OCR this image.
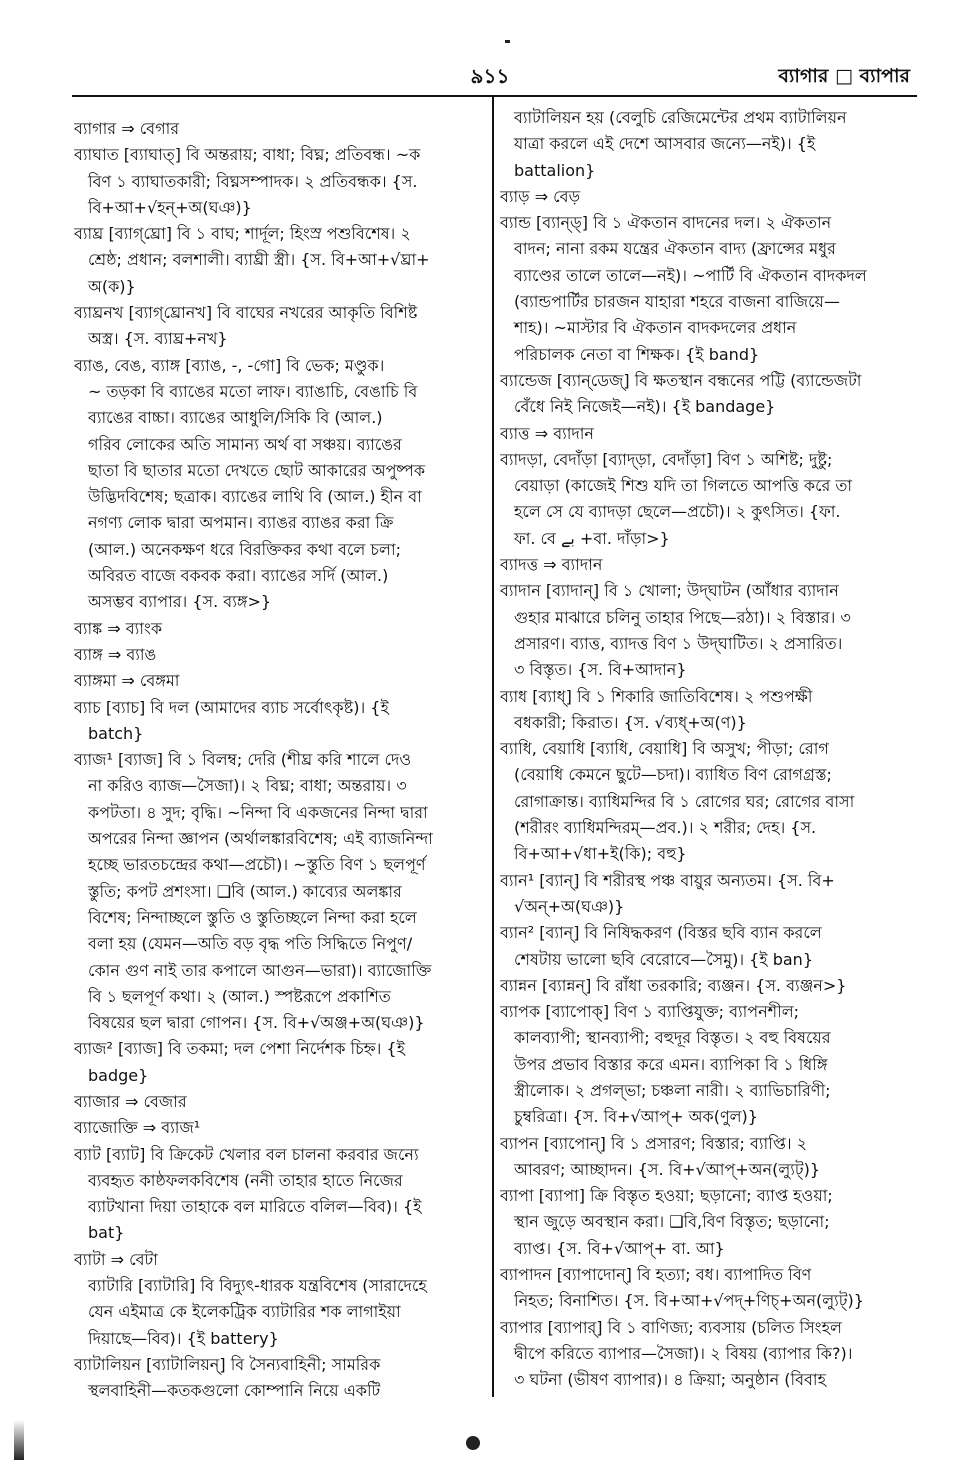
৯১১	ব্যাগার □ ব্যাপার
ব্যাগার ⇒ বেগার
ব্যাঘাত [ব্যাঘাত্] বি অন্তরায়; বাধা; বিঘ্ন; প্রতিবন্ধ। ~ক
বিণ ১ ব্যাঘাতকারী; বিঘ্নসম্পাদক। ২ প্রতিবন্ধক। {স.
বি+আ+√হন্+অ(ঘঞ)}
ব্যাঘ্র [ব্যাগ্‌ঘ্রো] বি ১ বাঘ; শার্দূল; হিংস্র পশুবিশেষ। ২
শ্রেষ্ঠ; প্রধান; বলশালী। ব্যাঘ্রী স্ত্রী। {স. বি+আ+√ঘ্রা+
অ(ক)}
ব্যাঘ্রনখ [ব্যাগ্‌ঘ্রোনখ] বি বাঘের নখরের আকৃতি বিশিষ্ট
অস্ত্র। {স. ব্যাঘ্র+নখ}
ব্যাঙ, বেঙ, ব্যাঙ্গ [ব্যাঙ, -, -গো] বি ভেক; মণ্ডুক।
~ তড়কা বি ব্যাঙের মতো লাফ। ব্যাঙাচি, বেঙাচি বি
ব্যাঙের বাচ্চা। ব্যাঙের আধুলি/সিকি বি (আল.)
গরিব লোকের অতি সামান্য অর্থ বা সঞ্চয়। ব্যাঙের
ছাতা বি ছাতার মতো দেখতে ছোট আকারের অপুষ্পক
উদ্ভিদবিশেষ; ছত্রাক। ব্যাঙের লাথি বি (আল.) হীন বা
নগণ্য লোক দ্বারা অপমান। ব্যাঙর ব্যাঙর করা ক্রি
(আল.) অনেকক্ষণ ধরে বিরক্তিকর কথা বলে চলা;
অবিরত বাজে বকবক করা। ব্যাঙের সর্দি (আল.)
অসম্ভব ব্যাপার। {স. ব্যঙ্গ>}
ব্যাঙ্ক ⇒ ব্যাংক
ব্যাঙ্গ ⇒ ব্যাঙ
ব্যাঙ্গমা ⇒ বেঙ্গমা
ব্যাচ [ব্যাচ] বি দল (আমাদের ব্যাচ সর্বোৎকৃষ্ট)। {ই
batch}
ব্যাজ¹ [ব্যাজ] বি ১ বিলম্ব; দেরি (শীঘ্র করি শালে দেও
না করিও ব্যাজ—সৈজা)। ২ বিঘ্ন; বাধা; অন্তরায়। ৩
কপটতা। ৪ সুদ; বৃদ্ধি। ~নিন্দা বি একজনের নিন্দা দ্বারা
অপরের নিন্দা জ্ঞাপন (অর্থালঙ্কারবিশেষ; এই ব্যাজনিন্দা
হচ্ছে ভারতচন্দ্রের কথা—প্রচৌ)। ~স্তুতি বিণ ১ ছলপূর্ণ
স্তুতি; কপট প্রশংসা। ❑বি (আল.) কাব্যের অলঙ্কার
বিশেষ; নিন্দাচ্ছলে স্তুতি ও স্তুতিচ্ছলে নিন্দা করা হলে
বলা হয় (যেমন—অতি বড় বৃদ্ধ পতি সিদ্ধিতে নিপুণ/
কোন গুণ নাই তার কপালে আগুন—ভারা)। ব্যাজোক্তি
বি ১ ছলপূর্ণ কথা। ২ (আল.) স্পষ্টরূপে প্রকাশিত
বিষয়ের ছল দ্বারা গোপন। {স. বি+√অঞ্জ+অ(ঘঞ)}
ব্যাজ² [ব্যাজ] বি তকমা; দল পেশা নির্দেশক চিহ্ন। {ই
badge}
ব্যাজার ⇒ বেজার
ব্যাজোক্তি ⇒ ব্যাজ¹
ব্যাট [ব্যাট] বি ক্রিকেট খেলার বল চালনা করবার জন্যে
ব্যবহৃত কাষ্ঠফলকবিশেষ (ননী তাহার হাতে নিজের
ব্যাটখানা দিয়া তাহাকে বল মারিতে বলিল—বিব)। {ই
bat}
ব্যাটা ⇒ বেটা
ব্যাটারি [ব্যাটারি] বি বিদ্যুৎ-ধারক যন্ত্রবিশেষ (সারাদেহে
যেন এইমাত্র কে ইলেকট্রিক ব্যাটারির শক লাগাইয়া
দিয়াছে—বিব)। {ই battery}
ব্যাটালিয়ন [ব্যাটালিয়ন্] বি সৈন্যবাহিনী; সামরিক
স্থলবাহিনী—কতকগুলো কোম্পানি নিয়ে একটি
ব্যাটালিয়ন হয় (বেলুচি রেজিমেন্টের প্রথম ব্যাটালিয়ন
যাত্রা করলে এই দেশে আসবার জন্যে—নই)। {ই
battalion}
ব্যাড় ⇒ বেড়
ব্যান্ড [ব্যান্‌ড্] বি ১ ঐকতান বাদনের দল। ২ ঐকতান
বাদন; নানা রকম যন্ত্রের ঐকতান বাদ্য (ফ্রান্সের মধুর
ব্যাণ্ডের তালে তালে—নই)। ~পার্টি বি ঐকতান বাদকদল
(ব্যান্ডপার্টির চারজন যাহারা শহরে বাজনা বাজিয়ে—
শাহ)। ~মাস্টার বি ঐকতান বাদকদলের প্রধান
পরিচালক নেতা বা শিক্ষক। {ই band}
ব্যান্ডেজ [ব্যান্‌ডেজ্] বি ক্ষতস্থান বন্ধনের পট্টি (ব্যান্ডেজটা
বেঁধে নিই নিজেই—নই)। {ই bandage}
ব্যাত্ত ⇒ ব্যাদান
ব্যাদড়া, বেদাঁড়া [ব্যাদ্‌ড়া, বেদাঁড়া] বিণ ১ অশিষ্ট; দুষ্টু;
বেয়াড়া (কাজেই শিশু যদি তা গিলতে আপত্তি করে তা
হলে সে যে ব্যাদড়া ছেলে—প্রচৌ)। ২ কুৎসিত। {ফা.
ফা. বে بے +বা. দাঁড়া>}
ব্যাদত্ত ⇒ ব্যাদান
ব্যাদান [ব্যাদান্] বি ১ খোলা; উদ্‌ঘাটন (আঁধার ব্যাদান
গুহার মাঝারে চলিনু তাহার পিছে—রঠা)। ২ বিস্তার। ৩
প্রসারণ। ব্যাত্ত, ব্যাদত্ত বিণ ১ উদ্‌ঘাটিত। ২ প্রসারিত।
৩ বিস্তৃত। {স. বি+আদান}
ব্যাধ [ব্যাধ্] বি ১ শিকারি জাতিবিশেষ। ২ পশুপক্ষী
বধকারী; কিরাত। {স. √ব্যধ্+অ(ণ)}
ব্যাধি, বেয়াধি [ব্যাধি, বেয়াধি] বি অসুখ; পীড়া; রোগ
(বেয়াধি কেমনে ছুটে—চদা)। ব্যাধিত বিণ রোগগ্রস্ত;
রোগাক্রান্ত। ব্যাধিমন্দির বি ১ রোগের ঘর; রোগের বাসা
(শরীরং ব্যাধিমন্দিরম্—প্রব.)। ২ শরীর; দেহ। {স.
বি+আ+√ধা+ই(কি); বহু}
ব্যান¹ [ব্যান্] বি শরীরস্থ পঞ্চ বায়ুর অন্যতম। {স. বি+
√অন্+অ(ঘঞ)}
ব্যান² [ব্যান্] বি নিষিদ্ধকরণ (বিস্তর ছবি ব্যান করলে
শেষটায় ভালো ছবি বেরোবে—সৈমু)। {ই ban}
ব্যান্নন [ব্যান্নন্] বি রাঁধা তরকারি; ব্যঞ্জন। {স. ব্যঞ্জন>}
ব্যাপক [ব্যাপোক্] বিণ ১ ব্যাপ্তিযুক্ত; ব্যাপনশীল;
কালব্যাপী; স্থানব্যাপী; বহুদূর বিস্তৃত। ২ বহু বিষয়ের
উপর প্রভাব বিস্তার করে এমন। ব্যাপিকা বি ১ ধিঙ্গি
স্ত্রীলোক। ২ প্রগল্‌ভা; চঞ্চলা নারী। ২ ব্যাভিচারিণী;
চুম্বরিত্রা। {স. বি+√আপ্+ অক(ণুল)}
ব্যাপন [ব্যাপোন্] বি ১ প্রসারণ; বিস্তার; ব্যাপ্তি। ২
আবরণ; আচ্ছাদন। {স. বি+√আপ্+অন(ল্যুট্)}
ব্যাপা [ব্যাপা] ক্রি বিস্তৃত হওয়া; ছড়ানো; ব্যাপ্ত হওয়া;
স্থান জুড়ে অবস্থান করা। ❑বি,বিণ বিস্তৃত; ছড়ানো;
ব্যাপ্ত। {স. বি+√আপ্+ বা. আ}
ব্যাপাদন [ব্যাপাদোন্] বি হত্যা; বধ। ব্যাপাদিত বিণ
নিহত; বিনাশিত। {স. বি+আ+√পদ্+ণিচ্+অন(ল্যুট্)}
ব্যাপার [ব্যাপার্] বি ১ বাণিজ্য; ব্যবসায় (চলিত সিংহল
দ্বীপে করিতে ব্যাপার—সৈজা)। ২ বিষয় (ব্যাপার কি?)।
৩ ঘটনা (ভীষণ ব্যাপার)। ৪ ক্রিয়া; অনুষ্ঠান (বিবাহ
